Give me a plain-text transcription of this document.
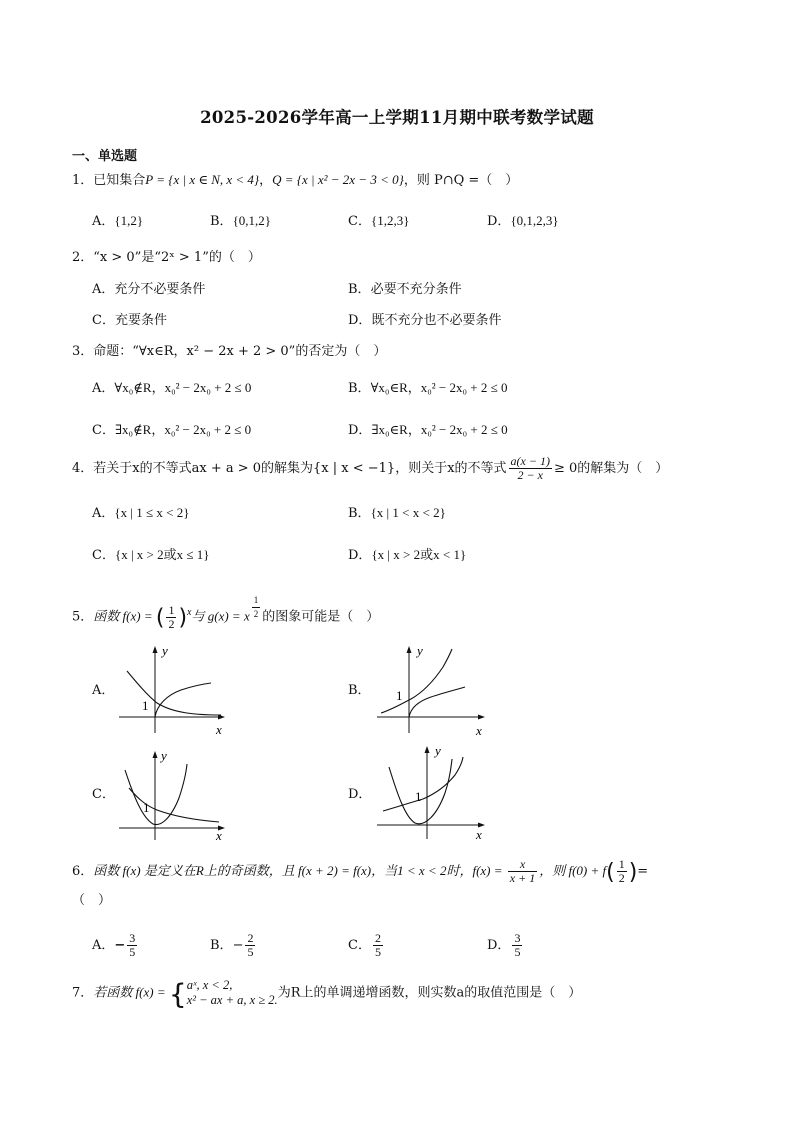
2025-2026学年高一上学期11月期中联考数学试题
一、单选题
1．已知集合P = {x | x ∈ N, x < 4}，Q = {x | x² − 2x − 3 < 0}，则 P∩Q =（　）
A．{1,2}	B．{0,1,2}	C．{1,2,3}	D．{0,1,2,3}
2．“x > 0”是“2ˣ > 1”的（　）
A．充分不必要条件	B．必要不充分条件
C．充要条件	D．既不充分也不必要条件
3．命题：“∀x∈R，x² − 2x + 2 > 0”的否定为（　）
A．∀x₀∉R，x₀² − 2x₀ + 2 ≤ 0	B．∀x₀∈R，x₀² − 2x₀ + 2 ≤ 0
C．∃x₀∉R，x₀² − 2x₀ + 2 ≤ 0	D．∃x₀∈R，x₀² − 2x₀ + 2 ≤ 0
4．若关于x的不等式ax + a > 0的解集为{x | x < −1}，则关于x的不等式 $\frac{a(x - 1)}{2 - x} \ge 0$的解集为（　）
A．{x | 1 ≤ x < 2}	B．{x | 1 < x < 2}
C．{x | x > 2或x ≤ 1}	D．{x | x > 2或x < 1}
5．函数 f(x) = ( $\frac{1}{2} )^x$与 g(x) = x $^{\frac{1}{2}}$ 的图象可能是（　）
A．	B．
C．	D．
y
x
1
y
x
1
y
x
1
y
x
1
6．函数 f(x) 是定义在R上的奇函数，且 f(x + 2) = f(x)，当1 < x < 2时，$f(x) = \frac{x}{x + 1}$ ，则 $f(0) + f( \frac{1}{2}$ )=
（　）
A．− $\frac{3}{5}$	B．− $\frac{2}{5}$	C． $\frac{2}{5}$	D． $\frac{3}{5}$
7．若函数 f(x) = { aˣ, x < 2,
x² − ax + a, x ≥ 2. 为R上的单调递增函数，则实数a的取值范围是（　）
